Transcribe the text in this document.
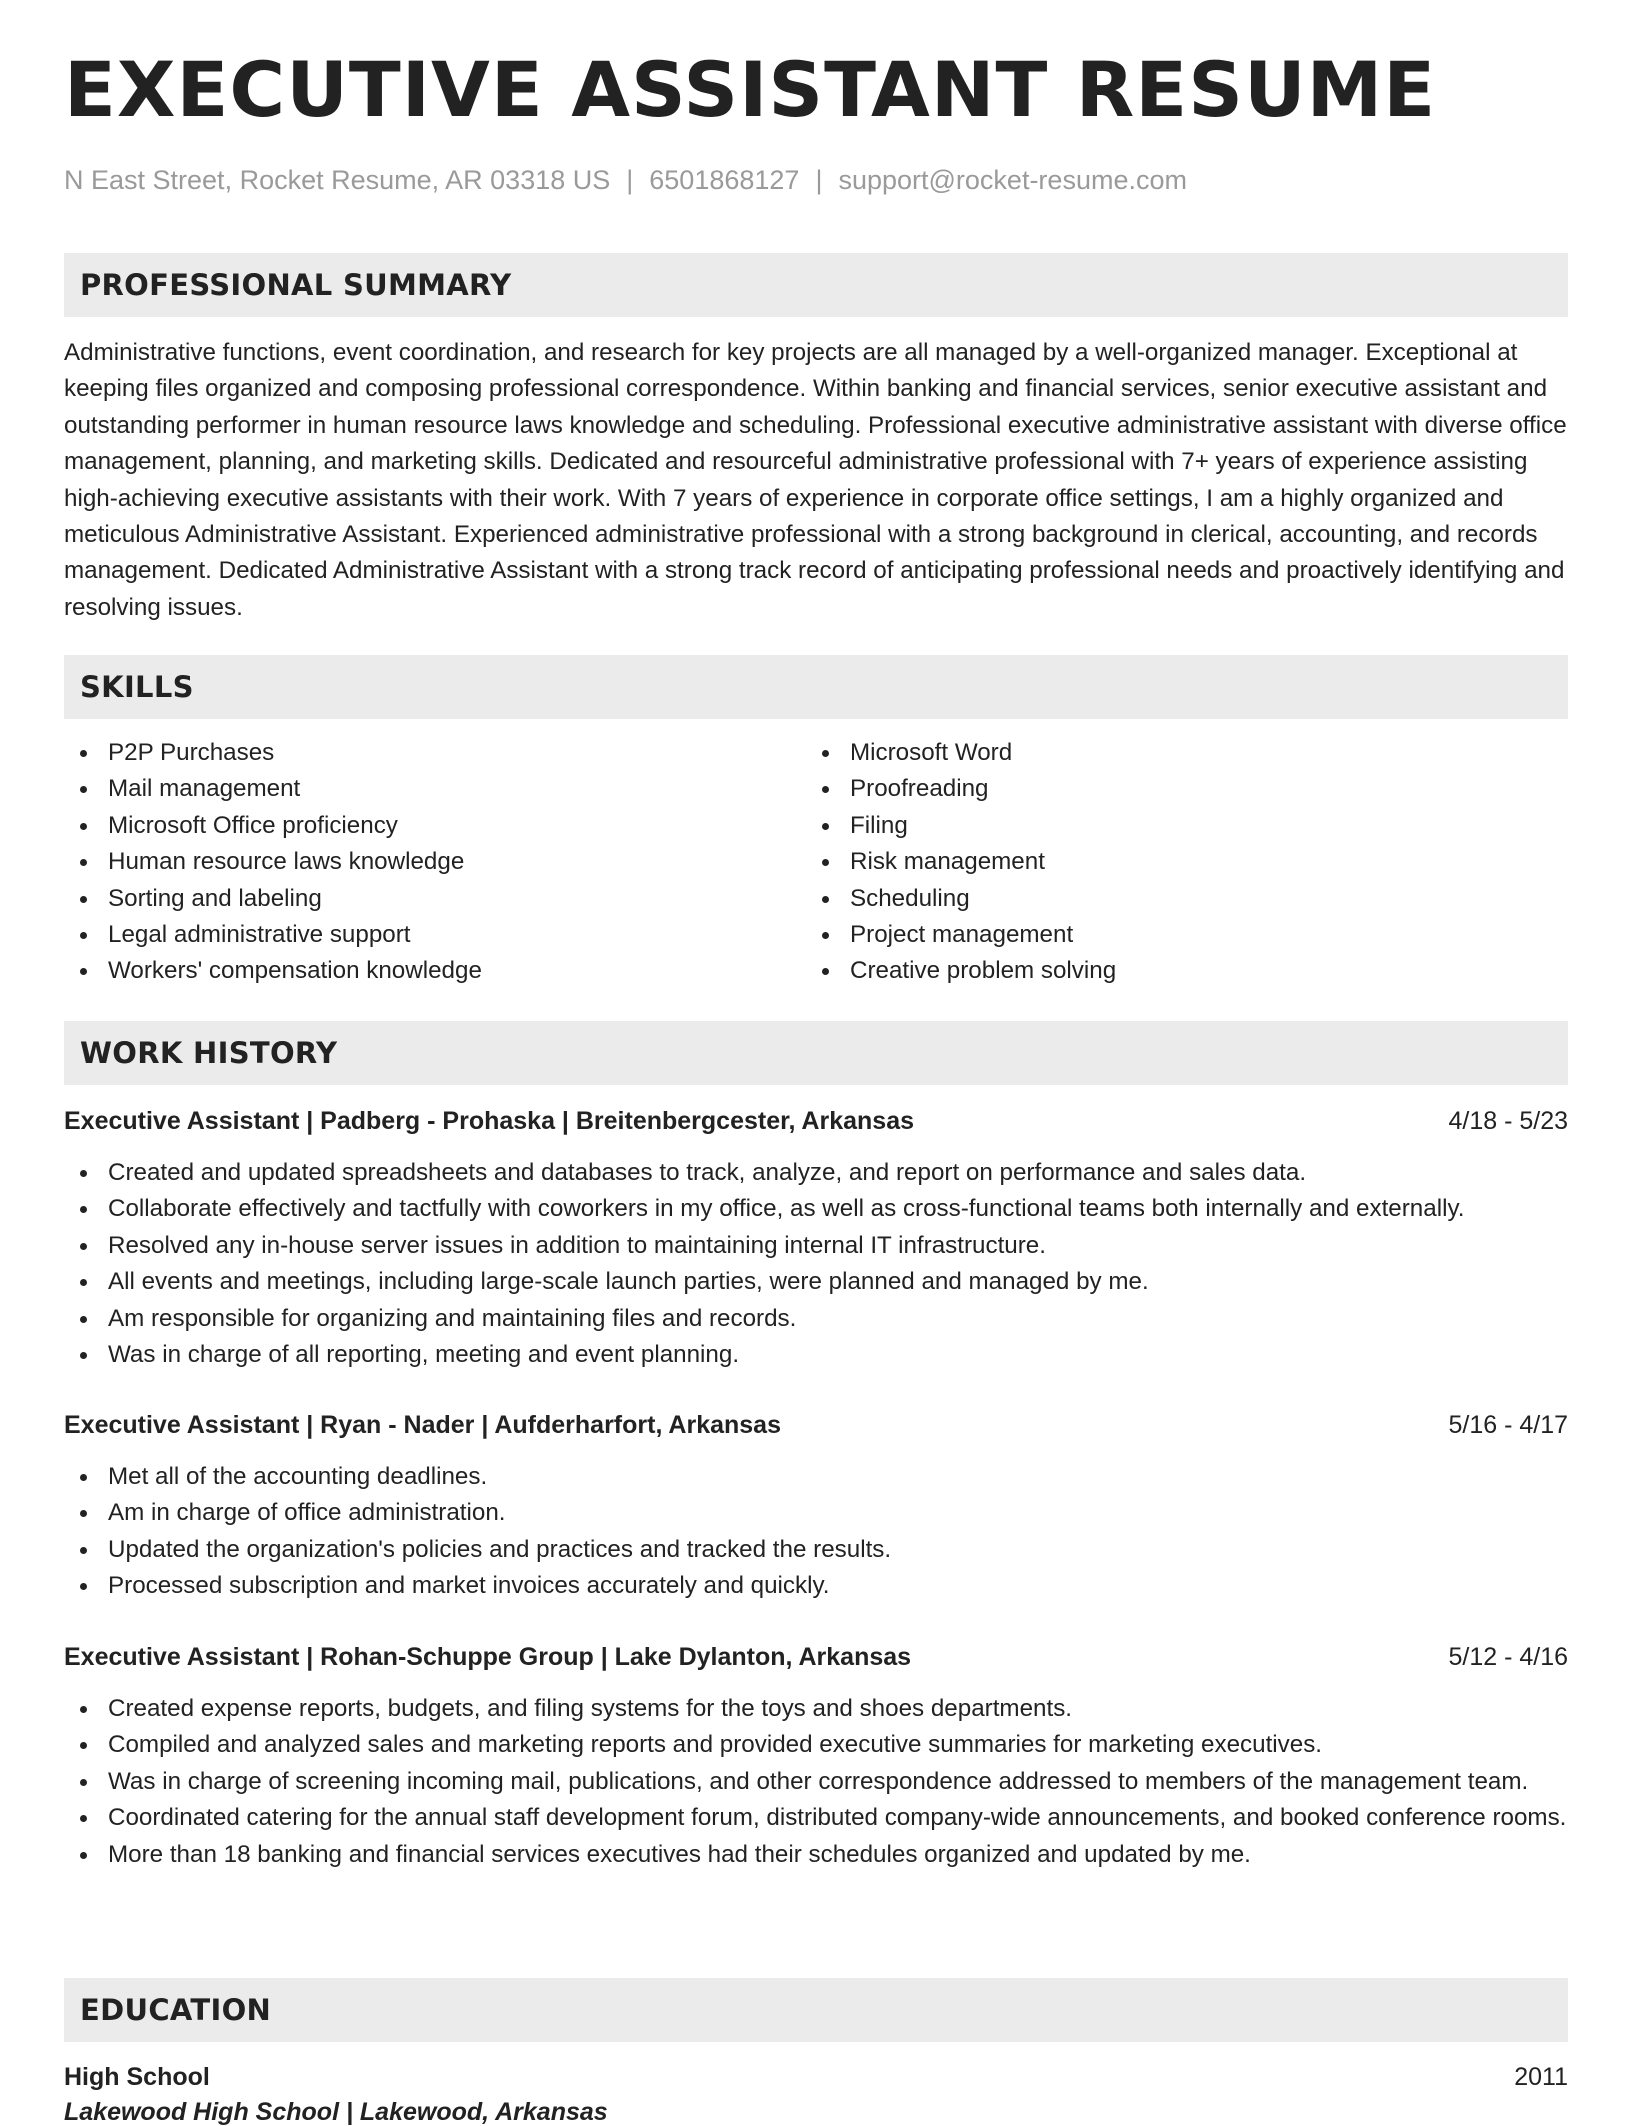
EXECUTIVE ASSISTANT RESUME
N East Street, Rocket Resume, AR 03318 US | 6501868127 | support@rocket-resume.com
PROFESSIONAL SUMMARY

Administrative functions, event coordination, and research for key projects are all managed by a well-organized manager. Exceptional at keeping files organized and composing professional correspondence. Within banking and financial services, senior executive assistant and outstanding performer in human resource laws knowledge and scheduling. Professional executive administrative assistant with diverse office management, planning, and marketing skills. Dedicated and resourceful administrative professional with 7+ years of experience assisting high-achieving executive assistants with their work. With 7 years of experience in corporate office settings, I am a highly organized and meticulous Administrative Assistant. Experienced administrative professional with a strong background in clerical, accounting, and records management. Dedicated Administrative Assistant with a strong track record of anticipating professional needs and proactively identifying and resolving issues.

SKILLS
P2P Purchases
Mail management
Microsoft Office proficiency
Human resource laws knowledge
Sorting and labeling
Legal administrative support
Workers' compensation knowledge
Microsoft Word
Proofreading
Filing
Risk management
Scheduling
Project management
Creative problem solving
WORK HISTORY
Executive Assistant | Padberg - Prohaska | Breitenbergcester, Arkansas	4/18 - 5/23
Created and updated spreadsheets and databases to track, analyze, and report on performance and sales data.
Collaborate effectively and tactfully with coworkers in my office, as well as cross-functional teams both internally and externally.
Resolved any in-house server issues in addition to maintaining internal IT infrastructure.
All events and meetings, including large-scale launch parties, were planned and managed by me.
Am responsible for organizing and maintaining files and records.
Was in charge of all reporting, meeting and event planning.
Executive Assistant | Ryan - Nader | Aufderharfort, Arkansas	5/16 - 4/17
Met all of the accounting deadlines.
Am in charge of office administration.
Updated the organization's policies and practices and tracked the results.
Processed subscription and market invoices accurately and quickly.
Executive Assistant | Rohan-Schuppe Group | Lake Dylanton, Arkansas	5/12 - 4/16
Created expense reports, budgets, and filing systems for the toys and shoes departments.
Compiled and analyzed sales and marketing reports and provided executive summaries for marketing executives.
Was in charge of screening incoming mail, publications, and other correspondence addressed to members of the management team.
Coordinated catering for the annual staff development forum, distributed company-wide announcements, and booked conference rooms.
More than 18 banking and financial services executives had their schedules organized and updated by me.
EDUCATION
High School	2011
Lakewood High School | Lakewood, Arkansas
